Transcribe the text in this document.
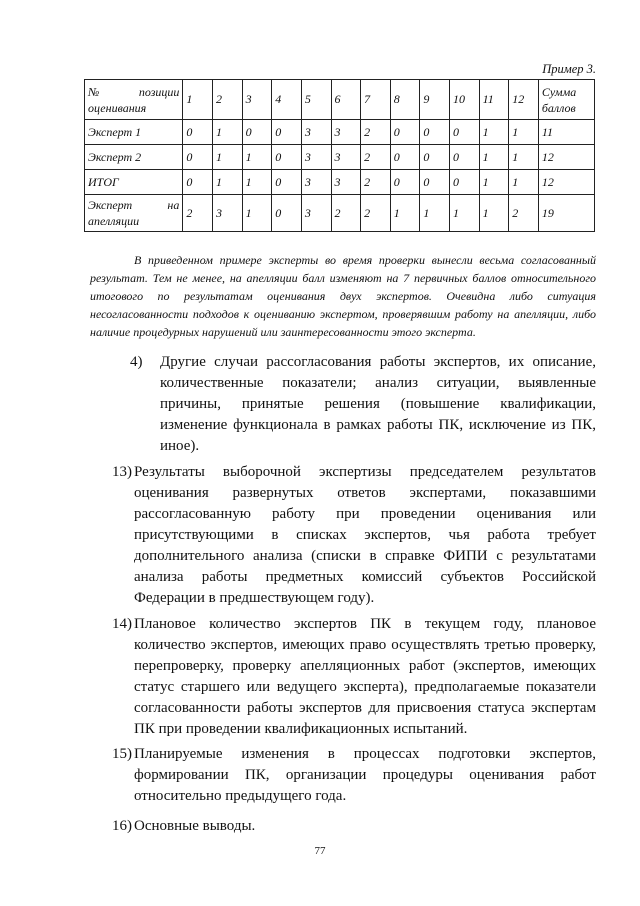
Пример 3.
№ позиции оценивания	1	2	3	4	5	6	7	8	9	10	11	12	Сумма баллов
Эксперт 1	0	1	0	0	3	3	2	0	0	0	1	1	11
Эксперт 2	0	1	1	0	3	3	2	0	0	0	1	1	12
ИТОГ	0	1	1	0	3	3	2	0	0	0	1	1	12
Эксперт на апелляции	2	3	1	0	3	2	2	1	1	1	1	2	19

В приведенном примере эксперты во время проверки вынесли весьма согласованный результат. Тем не менее, на апелляции балл изменяют на 7 первичных баллов относительного итогового по результатам оценивания двух экспертов. Очевидна либо ситуация несогласованности подходов к оцениванию экспертом, проверявшим работу на апелляции, либо наличие процедурных нарушений или заинтересованности этого эксперта.

4) Другие случаи рассогласования работы экспертов, их описание, количественные показатели; анализ ситуации, выявленные причины, принятые решения (повышение квалификации, изменение функционала в рамках работы ПК, исключение из ПК, иное).
13) Результаты выборочной экспертизы председателем результатов оценивания развернутых ответов экспертами, показавшими рассогласованную работу при проведении оценивания или присутствующими в списках экспертов, чья работа требует дополнительного анализа (списки в справке ФИПИ с результатами анализа работы предметных комиссий субъектов Российской Федерации в предшествующем году).
14) Плановое количество экспертов ПК в текущем году, плановое количество экспертов, имеющих право осуществлять третью проверку, перепроверку, проверку апелляционных работ (экспертов, имеющих статус старшего или ведущего эксперта), предполагаемые показатели согласованности работы экспертов для присвоения статуса экспертам ПК при проведении квалификационных испытаний.
15) Планируемые изменения в процессах подготовки экспертов, формировании ПК, организации процедуры оценивания работ относительно предыдущего года.
16) Основные выводы.
77
